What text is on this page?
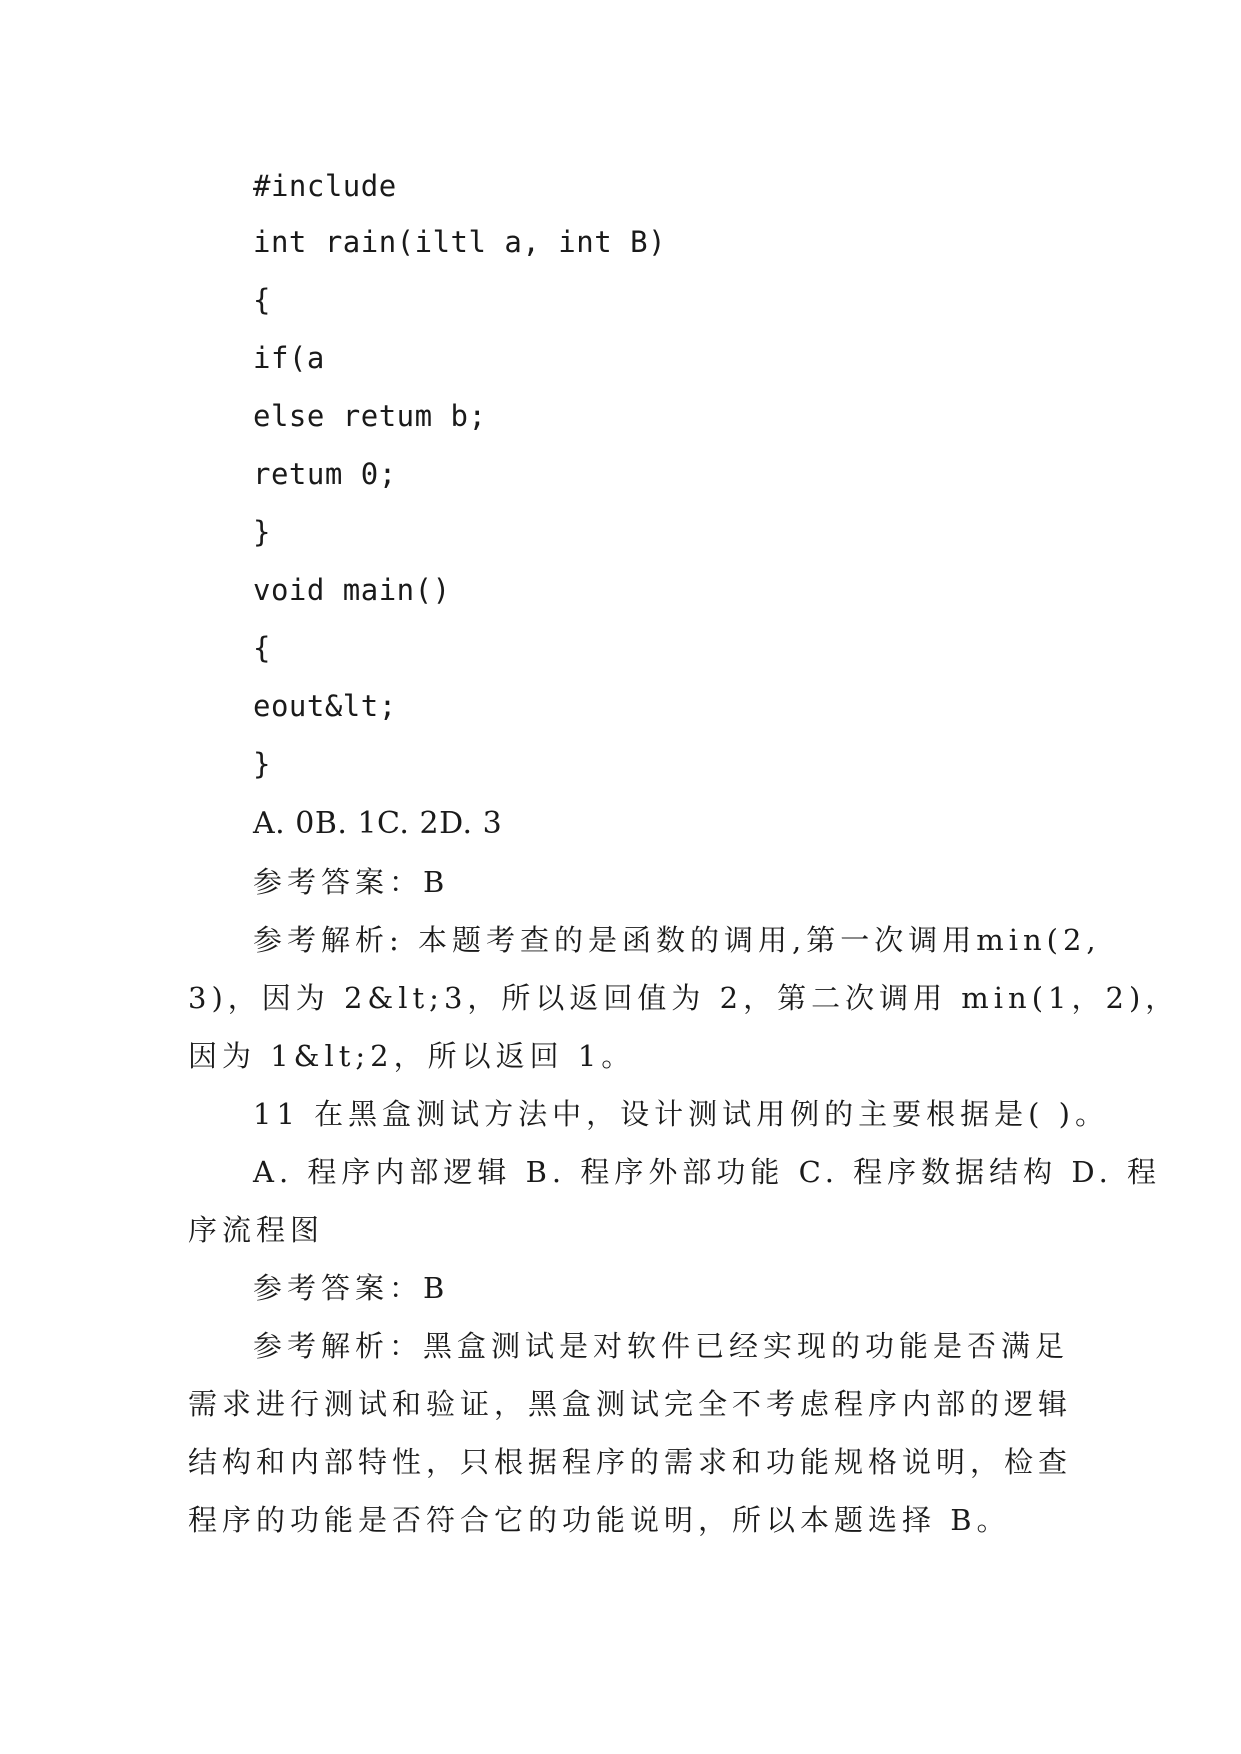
#include
int rain(iltl a, int B)
{
if(a
else retum b;
retum 0;
}
void main()
{
eout&lt;
}
A. 0B. 1C. 2D. 3
参考答案：B
参考解析: 本题考查的是函数的调用,第一次调用min(2,
3)，因为 2&lt;3，所以返回值为 2，第二次调用 min(1，2)，
因为 1&lt;2，所以返回 1。
11 在黑盒测试方法中，设计测试用例的主要根据是( )。
A. 程序内部逻辑 B. 程序外部功能 C. 程序数据结构 D. 程
序流程图
参考答案：B
参考解析：黑盒测试是对软件已经实现的功能是否满足
需求进行测试和验证，黑盒测试完全不考虑程序内部的逻辑
结构和内部特性，只根据程序的需求和功能规格说明，检查
程序的功能是否符合它的功能说明，所以本题选择 B。
